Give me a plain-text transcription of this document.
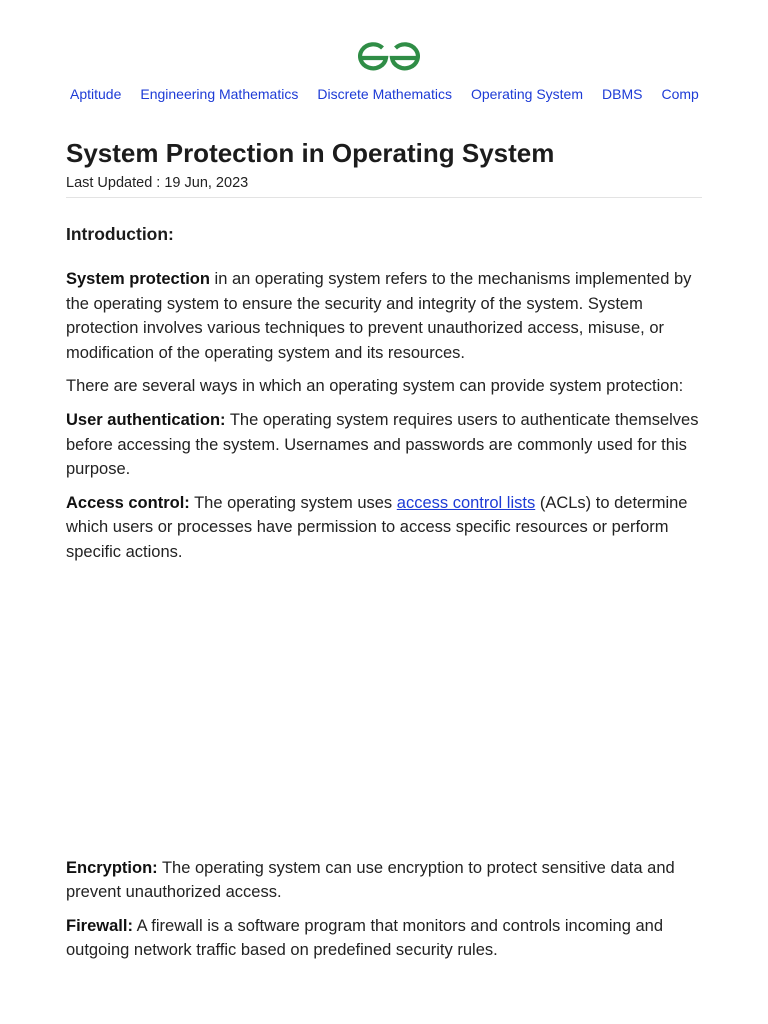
Aptitude Engineering Mathematics Discrete Mathematics Operating System DBMS Comp
System Protection in Operating System
Last Updated : 19 Jun, 2023
Introduction:

System protection in an operating system refers to the mechanisms implemented by the operating system to ensure the security and integrity of the system. System protection involves various techniques to prevent unauthorized access, misuse, or modification of the operating system and its resources.

There are several ways in which an operating system can provide system protection:

User authentication: The operating system requires users to authenticate themselves before accessing the system. Usernames and passwords are commonly used for this purpose.

Access control: The operating system uses access control lists (ACLs) to determine which users or processes have permission to access specific resources or perform specific actions.

Encryption: The operating system can use encryption to protect sensitive data and prevent unauthorized access.

Firewall: A firewall is a software program that monitors and controls incoming and outgoing network traffic based on predefined security rules.
